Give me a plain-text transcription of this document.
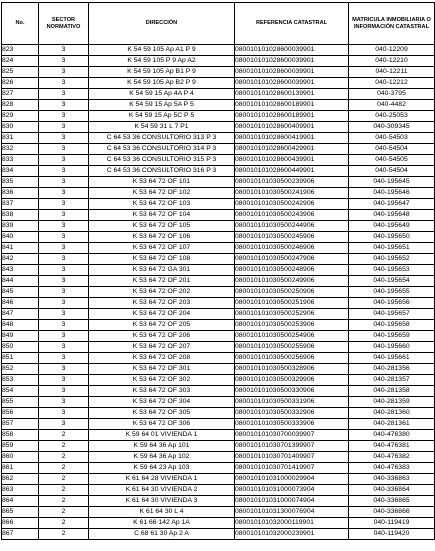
No.	SECTOR NORMATIVO	DIRECCIÓN	REFERENCIA CATASTRAL	MATRICULA INMOBILIARIA O INFORMACIÓN CATASTRAL
823	3	K 54 59 105 Ap A1 P 9	080010101028600039901	040-12209
824	3	K 54 59 105 P 9 Ap A2	080010101028600039901	040-12210
825	3	K 54 59 105 Ap B1 P 9	080010101028600039901	040-12211
826	3	K 54 59 105 Ap B2 P 9	080010101028600039901	040-12212
827	3	K 54 59 15 Ap 4A P 4	080010101028600139901	040-3795
828	3	K 54 59 15 Ap 5A P 5	080010101028600189901	040-4482
829	3	K 54 59 15 Ap 5C P 5	080010101028600189901	040-25053
830	3	K 54 59 31 L 7 P1	080010101028600409901	040-309345
831	3	C 64 53 36 CONSULTORIO 313 P 3	080010101028600419901	040-54503
832	3	C 64 53 36 CONSULTORIO 314 P 3	080010101028600429901	040-54504
833	3	C 64 53 36 CONSULTORIO 315 P 3	080010101028600439901	040-54505
834	3	C 64 53 36 CONSULTORIO 316 P 3	080010101028600449901	040-54504
835	3	K 53 64 72 OF 101	080010101030500239906	040-195645
836	3	K 53 64 72 OF 102	080010101030500241906	040-195646
837	3	K 53 64 72 OF 103	080010101030500242906	040-195647
838	3	K 53 64 72 OF 104	080010101030500243906	040-195648
839	3	K 53 64 72 OF 105	080010101030500244906	040-195649
840	3	K 53 64 72 OF 106	080010101030500245906	040-195650
841	3	K 53 64 72 OF 107	080010101030500246906	040-195651
842	3	K 53 64 72 OF 108	080010101030500247906	040-195652
843	3	K 53 64 72 GA 301	080010101030500248906	040-195653
844	3	K 53 64 72 OF 201	080010101030500249906	040-195654
845	3	K 53 64 72 OF 202	080010101030500250906	040-195655
846	3	K 53 64 72 OF 203	080010101030500251906	040-195656
847	3	K 53 64 72 OF 204	080010101030500252906	040-195657
848	3	K 53 64 72 OF 205	080010101030500253906	040-195658
849	3	K 53 64 72 OF 206	080010101030500254906	040-195659
850	3	K 53 64 72 OF 207	080010101030500255906	040-195660
851	3	K 53 64 72 OF 208	080010101030500256906	040-195661
852	3	K 53 64 72 OF 301	080010101030500328906	040-281356
853	3	K 53 64 72 OF 302	080010101030500329906	040-281357
854	3	K 53 64 72 OF 303	080010101030500330906	040-281358
855	3	K 53 64 72 OF 304	080010101030500331906	040-281359
856	3	K 53 64 72 OF 305	080010101030500332906	040-281360
857	3	K 53 64 72 OF 306	080010101030500333906	040-281361
858	2	K 59 64 01 VIVIENDA 1	080010101030700039907	040-476380
859	2	K 59 64 36 Ap 101	080010101030701399907	040-476381
860	2	K 59 64 36 Ap 102	080010101030701409907	040-476382
861	2	K 59 64 23 Ap 103	080010101030701419907	040-476383
862	2	K 61 64 28 VIVIENDA 1	080010101031000029904	040-336863
863	2	K 61 64 30 VIVIENDA 2	080010101031000073904	040-336864
864	2	K 61 64 30 VIVIENDA 3	080010101031000074904	040-336865
865	2	K 61 64 30 L 4	080010101031300076904	040-336866
866	2	K 61 66 142 Ap 1A	080010101032000119901	040-119419
867	2	C 68 61 30 Ap 2 A	080010101032000239901	040-119420
